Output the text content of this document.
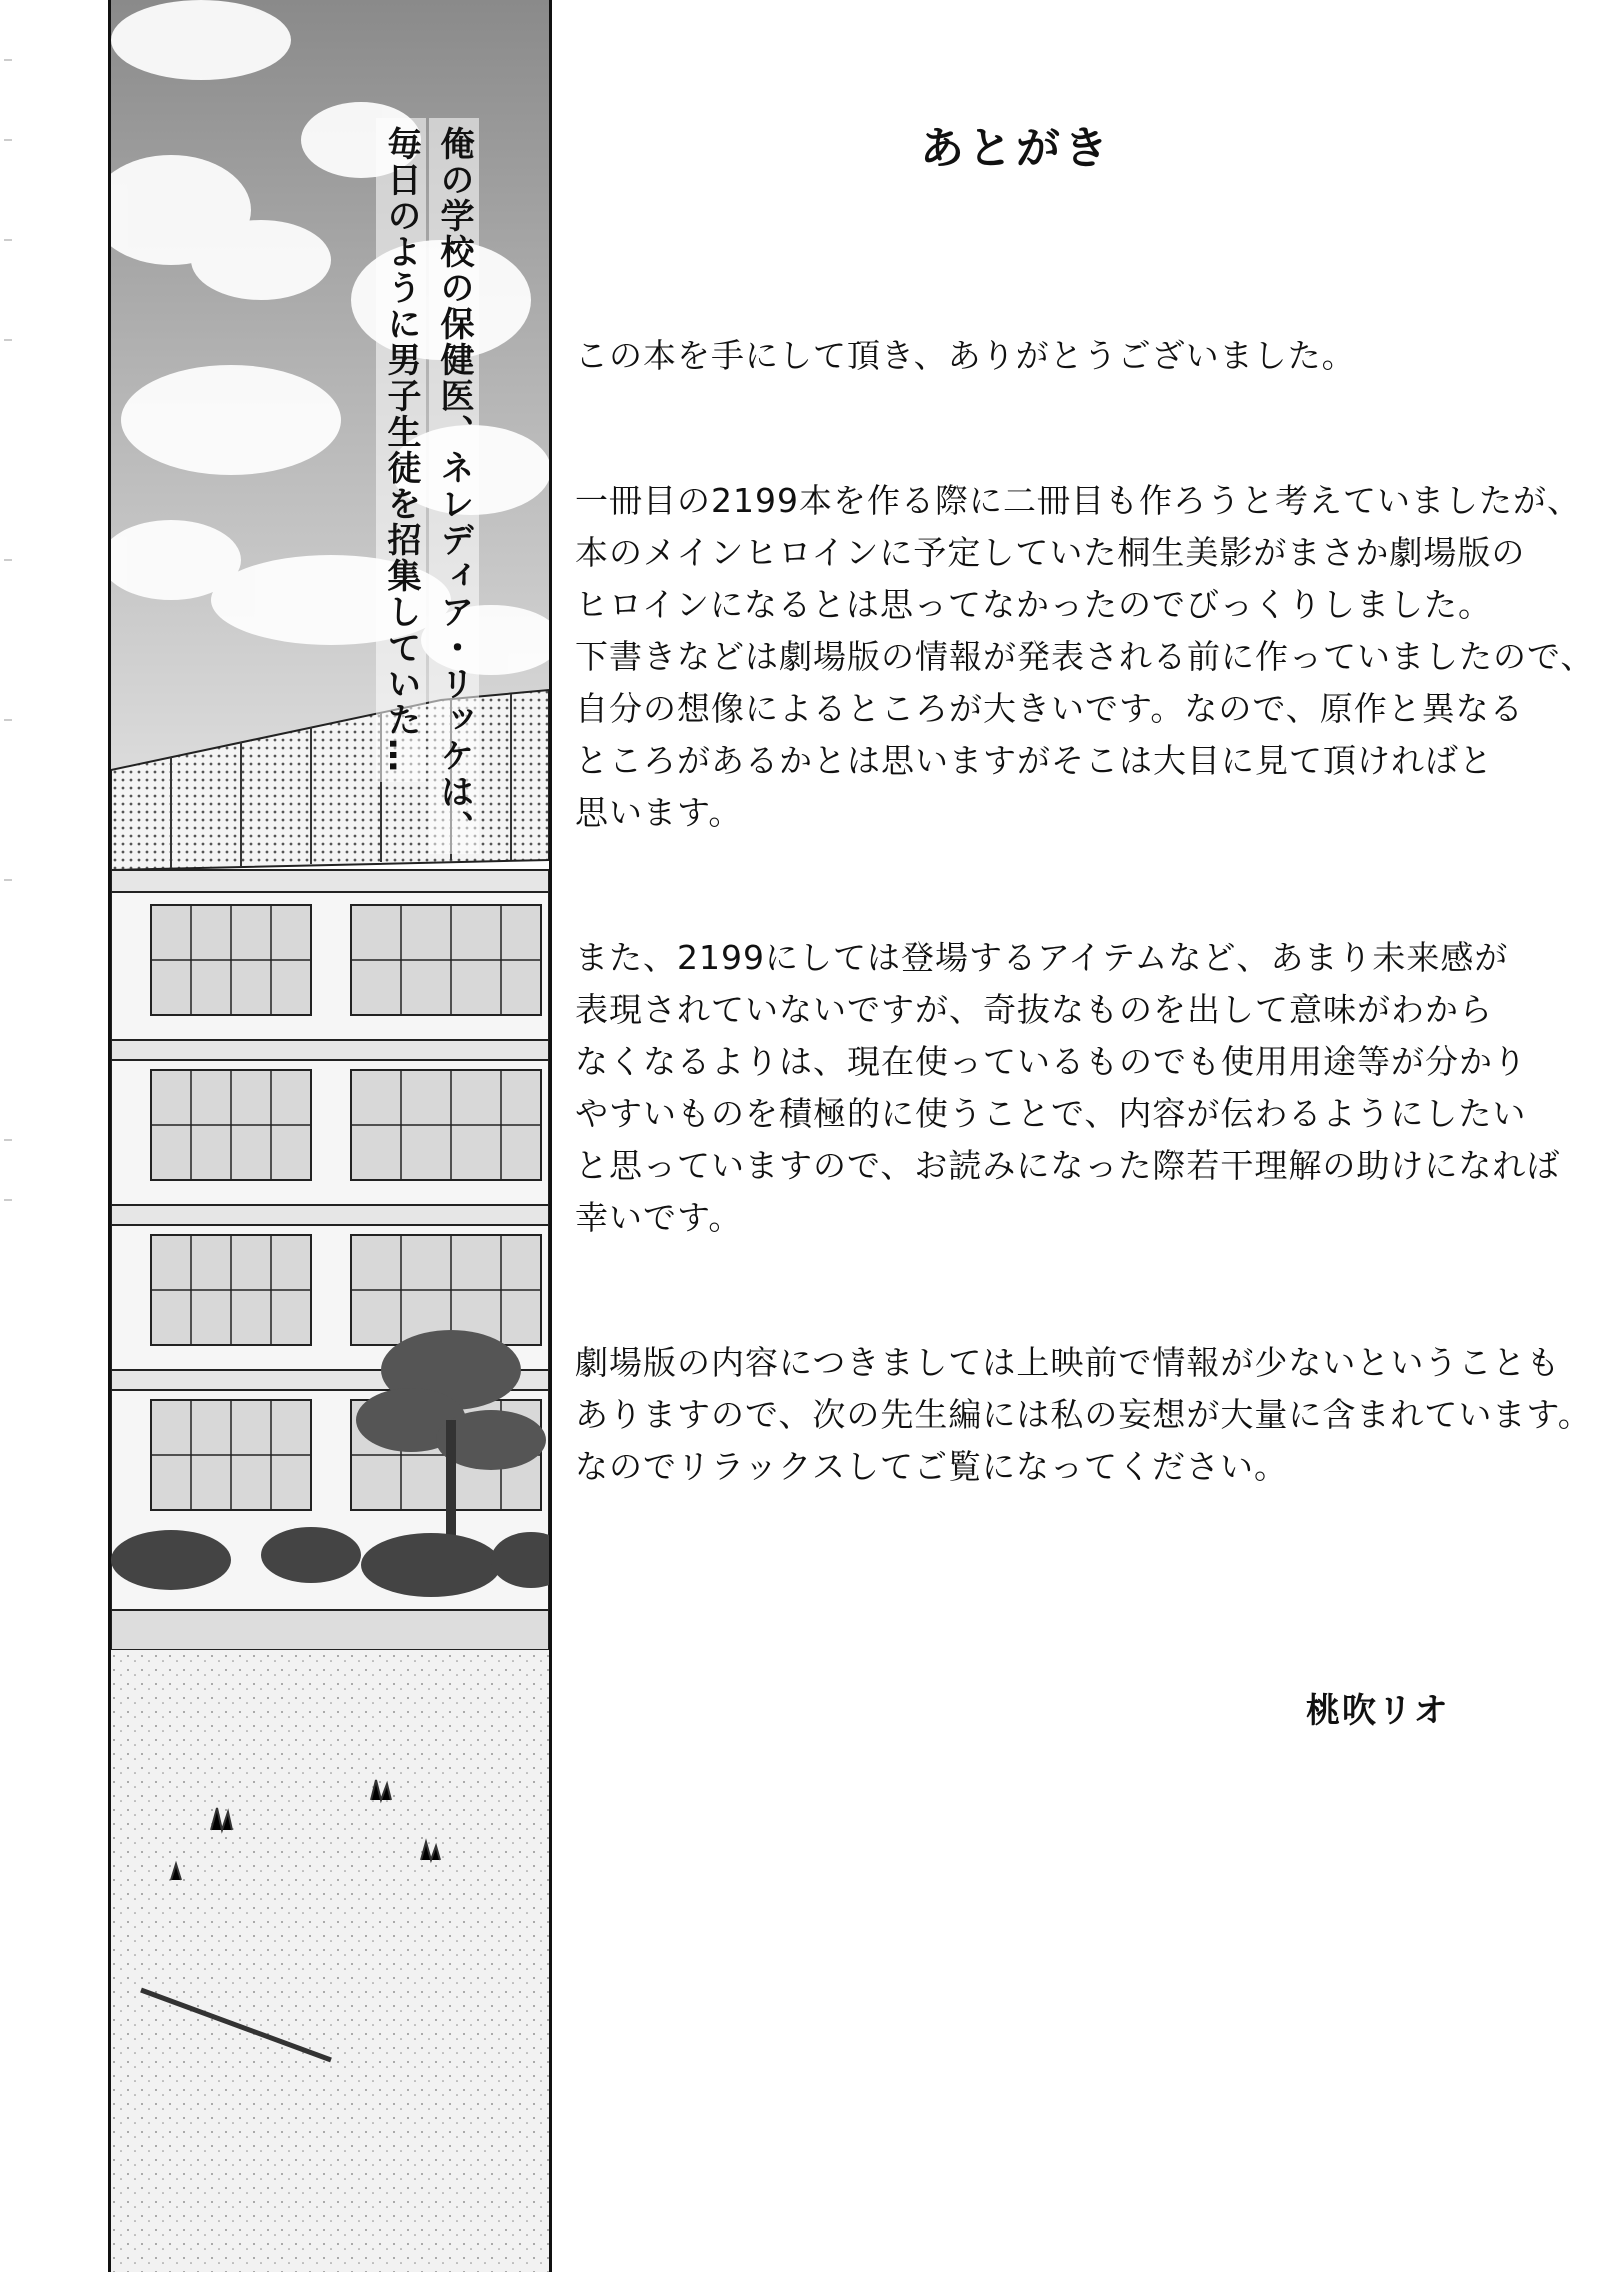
俺の学校の保健医、ネレディア・リッケは、
毎日のように男子生徒を招集していた…	あとがき
この本を手にして頂き、ありがとうございました。
一冊目の2199本を作る際に二冊目も作ろうと考えていましたが、
本のメインヒロインに予定していた桐生美影がまさか劇場版の
ヒロインになるとは思ってなかったのでびっくりしました。
下書きなどは劇場版の情報が発表される前に作っていましたので、
自分の想像によるところが大きいです。なので、原作と異なる
ところがあるかとは思いますがそこは大目に見て頂ければと
思います。
また、2199にしては登場するアイテムなど、あまり未来感が
表現されていないですが、奇抜なものを出して意味がわから
なくなるよりは、現在使っているものでも使用用途等が分かり
やすいものを積極的に使うことで、内容が伝わるようにしたい
と思っていますので、お読みになった際若干理解の助けになれば
幸いです。
劇場版の内容につきましては上映前で情報が少ないということも
ありますので、次の先生編には私の妄想が大量に含まれています。
なのでリラックスしてご覧になってください。
桃吹リオ
